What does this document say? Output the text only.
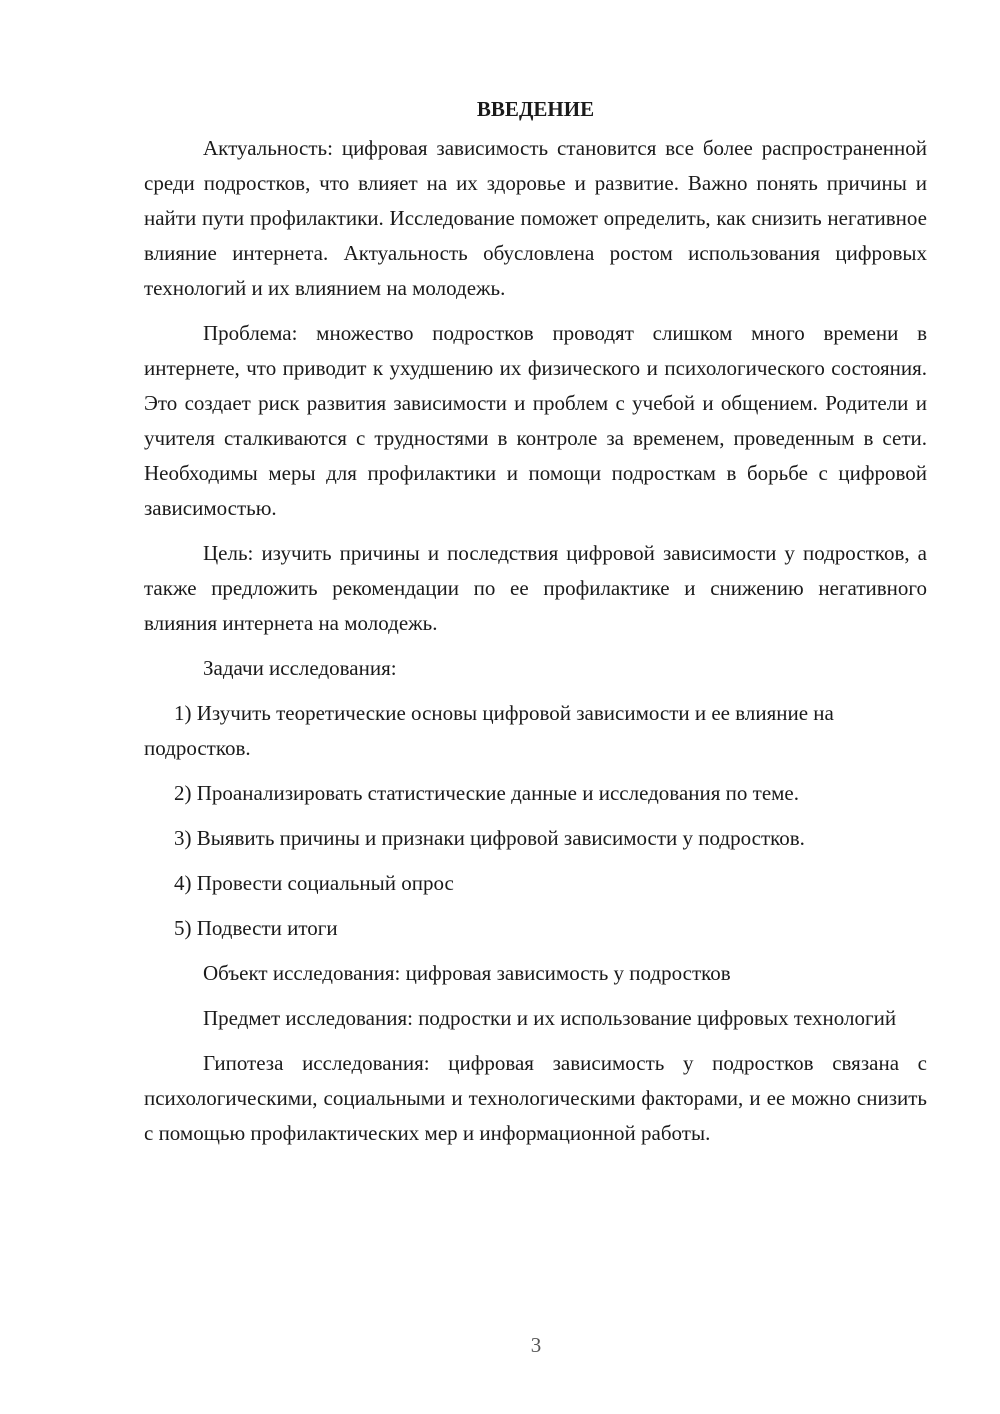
ВВЕДЕНИЕ

Актуальность: цифровая зависимость становится все более распространенной среди подростков, что влияет на их здоровье и развитие. Важно понять причины и найти пути профилактики. Исследование поможет определить, как снизить негативное влияние интернета. Актуальность обусловлена ростом использования цифровых технологий и их влиянием на молодежь.

Проблема: множество подростков проводят слишком много времени в интернете, что приводит к ухудшению их физического и психологического состояния. Это создает риск развития зависимости и проблем с учебой и общением. Родители и учителя сталкиваются с трудностями в контроле за временем, проведенным в сети. Необходимы меры для профилактики и помощи подросткам в борьбе с цифровой зависимостью.

Цель: изучить причины и последствия цифровой зависимости у подростков, а также предложить рекомендации по ее профилактике и снижению негативного влияния интернета на молодежь.

Задачи исследования:

1) Изучить теоретические основы цифровой зависимости и ее влияние на подростков.

2) Проанализировать статистические данные и исследования по теме.

3) Выявить причины и признаки цифровой зависимости у подростков.

4) Провести социальный опрос

5) Подвести итоги

Объект исследования: цифровая зависимость у подростков

Предмет исследования: подростки и их использование цифровых технологий

Гипотеза исследования: цифровая зависимость у подростков связана с психологическими, социальными и технологическими факторами, и ее можно снизить с помощью профилактических мер и информационной работы.

3
